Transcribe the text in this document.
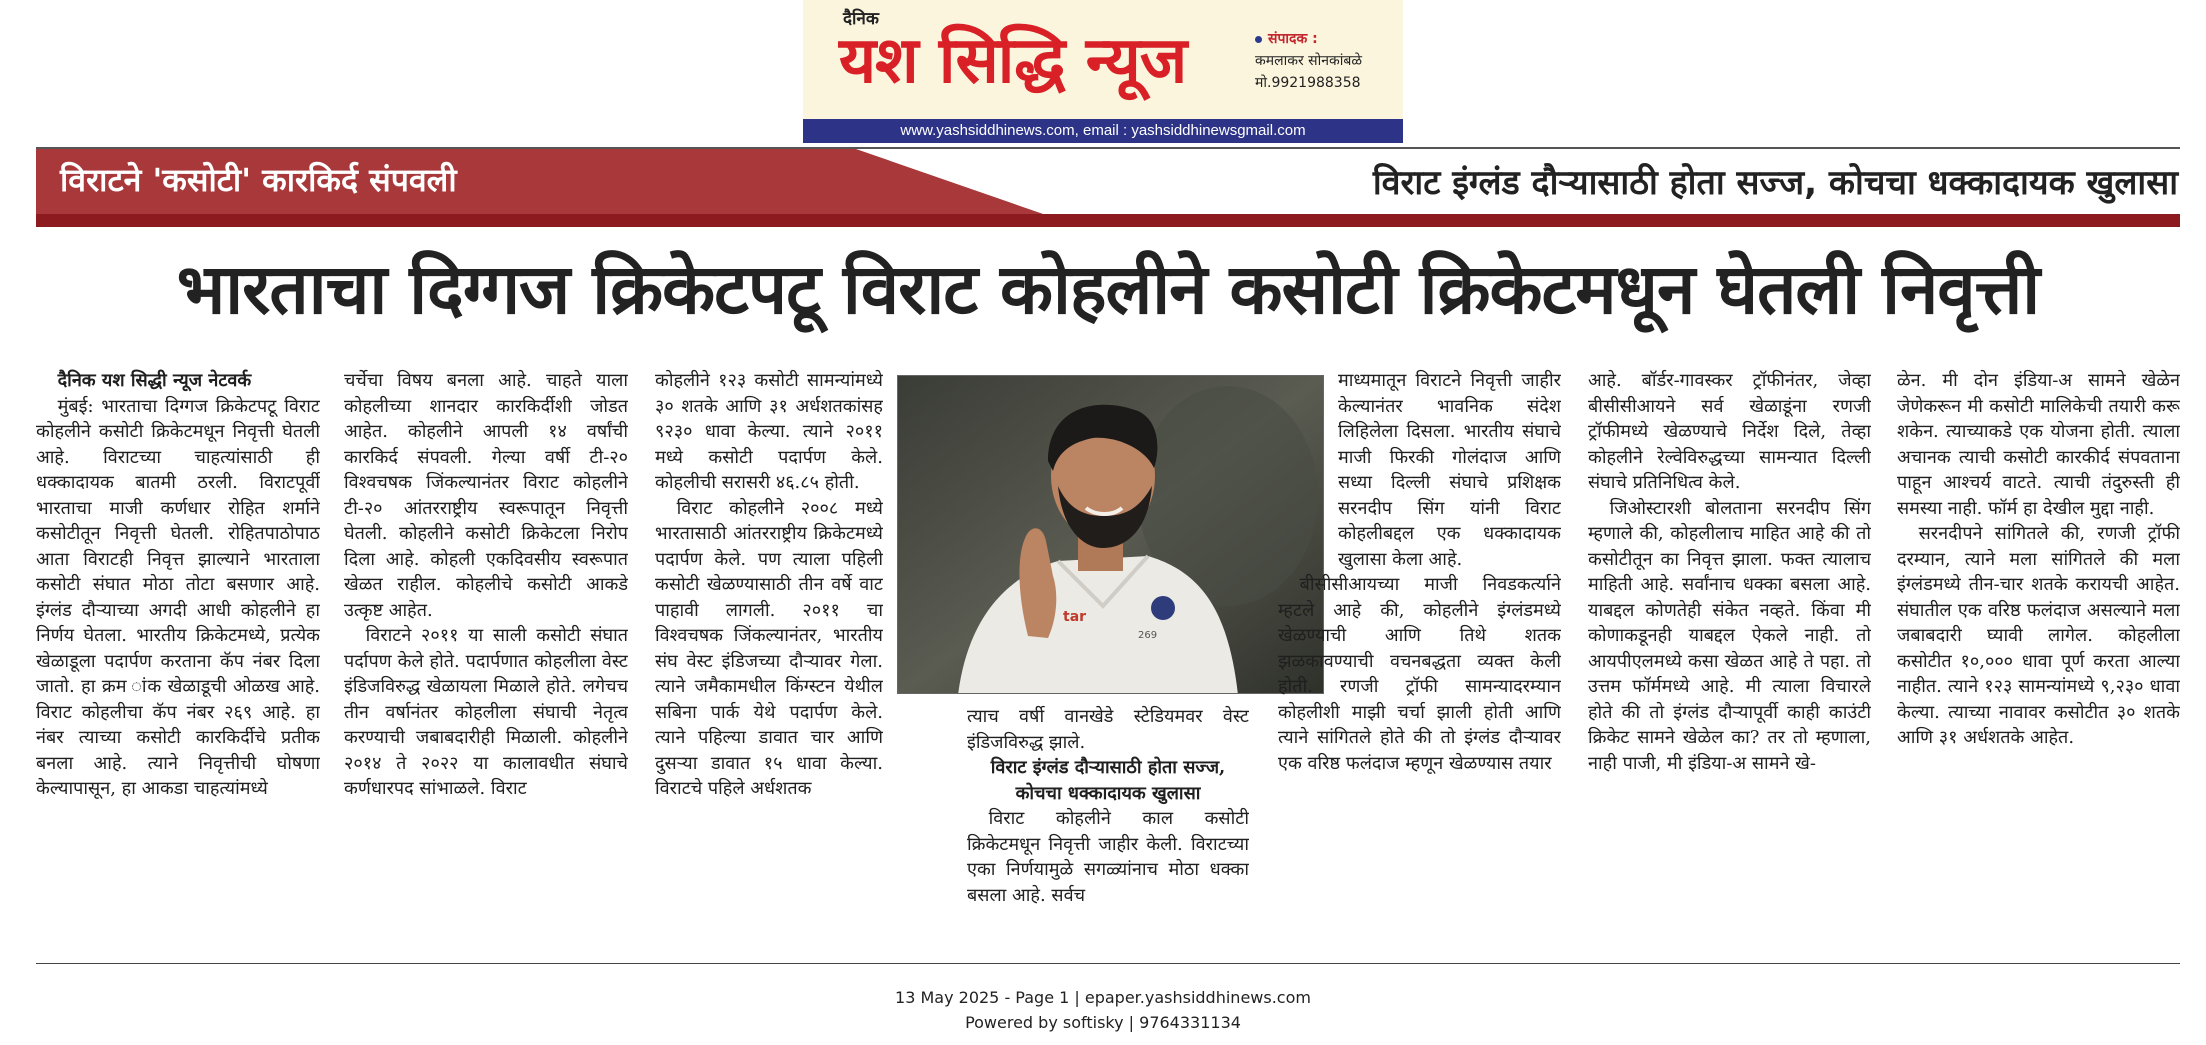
दैनिक
यश सिद्धि न्यूज	संपादक :
कमलाकर सोनकांबळे
मो.9921988358
www.yashsiddhinews.com, email : yashsiddhinewsgmail.com
विराटने 'कसोटी' कारकिर्द संपवली	विराट इंग्लंड दौऱ्यासाठी होता सज्ज, कोचचा धक्कादायक खुलासा
भारताचा दिग्गज क्रिकेटपटू विराट कोहलीने कसोटी क्रिकेटमधून घेतली निवृत्ती

दैनिक यश सिद्धी न्यूज नेटवर्क

मुंबई: भारताचा दिग्गज क्रिकेटपटू विराट कोहलीने कसोटी क्रिकेटमधून निवृत्ती घेतली आहे. विराटच्या चाहत्यांसाठी ही धक्कादायक बातमी ठरली. विराटपूर्वी भारताचा माजी कर्णधार रोहित शर्माने कसोटीतून निवृत्ती घेतली. रोहितपाठोपाठ आता विराटही निवृत्त झाल्याने भारताला कसोटी संघात मोठा तोटा बसणार आहे. इंग्लंड दौऱ्याच्या अगदी आधी कोहलीने हा निर्णय घेतला. भारतीय क्रिकेटमध्ये, प्रत्येक खेळाडूला पदार्पण करताना कॅप नंबर दिला जातो. हा क्रम ांक खेळाडूची ओळख आहे. विराट कोहलीचा कॅप नंबर २६९ आहे. हा नंबर त्याच्या कसोटी कारकिर्दीचे प्रतीक बनला आहे. त्याने निवृत्तीची घोषणा केल्यापासून, हा आकडा चाहत्यांमध्ये

चर्चेचा विषय बनला आहे. चाहते याला कोहलीच्या शानदार कारकिर्दीशी जोडत आहेत. कोहलीने आपली १४ वर्षांची कारकिर्द संपवली. गेल्या वर्षी टी-२० विश्वचषक जिंकल्यानंतर विराट कोहलीने टी-२० आंतरराष्ट्रीय स्वरूपातून निवृत्ती घेतली. कोहलीने कसोटी क्रिकेटला निरोप दिला आहे. कोहली एकदिवसीय स्वरूपात खेळत राहील. कोहलीचे कसोटी आकडे उत्कृष्ट आहेत.

विराटने २०११ या साली कसोटी संघात पर्दापण केले होते. पदार्पणात कोहलीला वेस्ट इंडिजविरुद्ध खेळायला मिळाले होते. लगेचच तीन वर्षानंतर कोहलीला संघाची नेतृत्व करण्याची जबाबदारीही मिळाली. कोहलीने २०१४ ते २०२२ या कालावधीत संघाचे कर्णधारपद सांभाळले. विराट

कोहलीने १२३ कसोटी सामन्यांमध्ये ३० शतके आणि ३१ अर्धशतकांसह ९२३० धावा केल्या. त्याने २०११ मध्ये कसोटी पदार्पण केले. कोहलीची सरासरी ४६.८५ होती.

विराट कोहलीने २००८ मध्ये भारतासाठी आंतरराष्ट्रीय क्रिकेटमध्ये पदार्पण केले. पण त्याला पहिली कसोटी खेळण्यासाठी तीन वर्षे वाट पाहावी लागली. २०११ चा विश्वचषक जिंकल्यानंतर, भारतीय संघ वेस्ट इंडिजच्या दौऱ्यावर गेला. त्याने जमैकामधील किंग्स्टन येथील सबिना पार्क येथे पदार्पण केले. त्याने पहिल्या डावात चार आणि दुसऱ्या डावात १५ धावा केल्या. विराटचे पहिले अर्धशतक

269
tar

त्याच वर्षी वानखेडे स्टेडियमवर वेस्ट इंडिजविरुद्ध झाले.

विराट इंग्लंड दौऱ्यासाठी होता सज्ज, कोचचा धक्कादायक खुलासा

विराट कोहलीने काल कसोटी क्रिकेटमधून निवृत्ती जाहीर केली. विराटच्या एका निर्णयामुळे सगळ्यांनाच मोठा धक्का बसला आहे. सर्वच

माध्यमातून विराटने निवृत्ती जाहीर केल्यानंतर भावनिक संदेश लिहिलेला दिसला. भारतीय संघाचे माजी फिरकी गोलंदाज आणि सध्या दिल्ली संघाचे प्रशिक्षक सरनदीप सिंग यांनी विराट कोहलीबद्दल एक धक्कादायक खुलासा केला आहे.

बीसीसीआयच्या माजी निवडकर्त्याने म्हटले आहे की, कोहलीने इंग्लंडमध्ये खेळण्याची आणि तिथे शतक झळकावण्याची वचनबद्धता व्यक्त केली होती. रणजी ट्रॉफी सामन्यादरम्यान कोहलीशी माझी चर्चा झाली होती आणि त्याने सांगितले होते की तो इंग्लंड दौऱ्यावर एक वरिष्ठ फलंदाज म्हणून खेळण्यास तयार

आहे. बॉर्डर-गावस्कर ट्रॉफीनंतर, जेव्हा बीसीसीआयने सर्व खेळाडूंना रणजी ट्रॉफीमध्ये खेळण्याचे निर्देश दिले, तेव्हा कोहलीने रेल्वेविरुद्धच्या सामन्यात दिल्ली संघाचे प्रतिनिधित्व केले.

जिओस्टारशी बोलताना सरनदीप सिंग म्हणाले की, कोहलीलाच माहित आहे की तो कसोटीतून का निवृत्त झाला. फक्त त्यालाच माहिती आहे. सर्वांनाच धक्का बसला आहे. याबद्दल कोणतेही संकेत नव्हते. किंवा मी कोणाकडूनही याबद्दल ऐकले नाही. तो आयपीएलमध्ये कसा खेळत आहे ते पहा. तो उत्तम फॉर्ममध्ये आहे. मी त्याला विचारले होते की तो इंग्लंड दौऱ्यापूर्वी काही काउंटी क्रिकेट सामने खेळेल का? तर तो म्हणाला, नाही पाजी, मी इंडिया-अ सामने खे-

ळेन. मी दोन इंडिया-अ सामने खेळेन जेणेकरून मी कसोटी मालिकेची तयारी करू शकेन. त्याच्याकडे एक योजना होती. त्याला अचानक त्याची कसोटी कारकीर्द संपवताना पाहून आश्चर्य वाटते. त्याची तंदुरुस्ती ही समस्या नाही. फॉर्म हा देखील मुद्दा नाही.

सरनदीपने सांगितले की, रणजी ट्रॉफी दरम्यान, त्याने मला सांगितले की मला इंग्लंडमध्ये तीन-चार शतके करायची आहेत. संघातील एक वरिष्ठ फलंदाज असल्याने मला जबाबदारी घ्यावी लागेल. कोहलीला कसोटीत १०,००० धावा पूर्ण करता आल्या नाहीत. त्याने १२३ सामन्यांमध्ये ९,२३० धावा केल्या. त्याच्या नावावर कसोटीत ३० शतके आणि ३१ अर्धशतके आहेत.

13 May 2025 - Page 1 | epaper.yashsiddhinews.com
Powered by softisky | 9764331134
